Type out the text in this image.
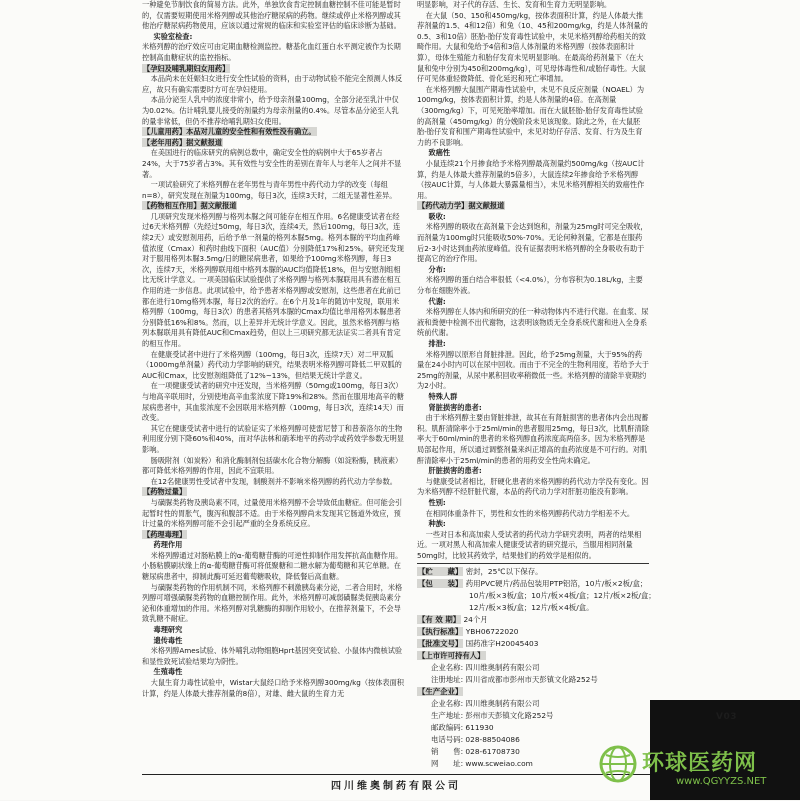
一种避免节制饮食的简易方法。此外，单独饮食肯定控制血糖控制不佳可能是暂时的，仅需要短期使用米格列醇或其他治疗糖尿病的药物。继续或停止米格列醇或其他治疗糖尿病药物使用，应该以通过常规的临床和实验室评估的临床诊断为基础。

实验室检查:

米格列醇的治疗效应可由定期血糖检测监控。糖基化血红蛋白水平测定被作为长期控制高血糖症状的监控指标。

【孕妇及哺乳期妇女用药】

本品尚未在妊娠妇女进行安全性试验的资料，由于动物试验不能完全预测人体反应，故只有确实需要时方可在孕妇使用。

本品分泌至人乳中的浓度非常小，给予母亲剂量100mg，全部分泌至乳汁中仅为0.02%。估计哺乳婴儿接受的剂量约为母亲剂量的0.4%。尽管本品分泌至人乳的量非常低，但仍不推荐给哺乳期妇女使用。

【儿童用药】本品对儿童的安全性和有效性没有确立。

【老年用药】据文献报道

在美国进行的临床研究的病例总数中，确定安全性的病例中大于65岁者占24%，大于75岁者占3%。其有效性与安全性的差别在青年人与老年人之间并不显著。

一项试验研究了米格列醇在老年男性与青年男性中药代动力学的改变（每组n=8），研究发现在剂量为100mg，每日3次，连续3天时，二组无显著性差异。

【药物相互作用】据文献报道

几项研究发现米格列醇与格列本脲之间可能存在相互作用。6名健康受试者在经过6天米格列醇（先经过50mg，每日3次，连续4天，然后100mg，每日3次，连续2天）或安慰剂用药，后给予单一剂量的格列本脲5mg。格列本脲的平均血药峰值浓度（Cmax）和药时曲线下面积（AUC值）分别降低17%和25%。研究还发现对于服用格列本脲3.5mg/日的糖尿病患者，如果给予100mg米格列醇，每日3次，连续7天，米格列醇联用组中格列本脲的AUC均值降低18%，但与安慰剂组相比无统计学意义。一项美国临床试验提供了米格列醇与格列本脲联用具有潜在相互作用的进一步信息。此项试验中，给予患者米格列醇或安慰剂，这些患者在此前已都在进行10mg格列本脲，每日2次的治疗。在6个月及1年的随访中发现，联用米格列醇（100mg，每日3次）的患者其格列本脲的Cmax均值比单用格列本脲患者分别降低16%和8%。然而，以上差异并无统计学意义。因此，虽然米格列醇与格列本脲联用具有降低AUC和Cmax趋势，但以上三项研究都无法证实二者具有肯定的相互作用。

在健康受试者中进行了米格列醇（100mg，每日3次，连续7天）对二甲双胍（1000mg单剂量）药代动力学影响的研究，结果表明米格列醇可降低二甲双胍的AUC和Cmax，比安慰剂组降低了12%~13%，但结果无统计学意义。

在一项健康受试者的研究中还发现，当米格列醇（50mg或100mg，每日3次）与地高辛联用时，分别使地高辛血浆浓度下降19%和28%。然而在服用地高辛的糖尿病患者中，其血浆浓度不会因联用米格列醇（100mg，每日3次，连续14天）而改变。

其它在健康受试者中进行的试验证实了米格列醇可使雷尼替丁和普萘洛尔的生物利用度分别下降60%和40%，而对华法林和硝苯地平的药动学或药效学参数无明显影响。

肠吸附剂（如炭粉）和消化酶制剂包括碳水化合物分解酶（如淀粉酶，胰液素）都可降低米格列醇的作用，因此不宜联用。

在12名健康男性受试者中发现，制酸剂并不影响米格列醇的药代动力学参数。

【药物过量】

与磺脲类药物及胰岛素不同，过量使用米格列醇不会导致低血糖症。但可能会引起暂时性的胃胀气，腹泻和腹部不适。由于米格列醇尚未发现其它肠道外效应，预计过量的米格列醇可能不会引起严重的全身系统反应。

【药理毒理】

药理作用

米格列醇通过对肠粘膜上的α-葡萄糖苷酶的可逆性抑制作用发挥抗高血糖作用。小肠粘膜刷状缘上的α-葡萄糖苷酶可将低聚糖和二糖水解为葡萄糖和其它单糖。在糖尿病患者中，抑制此酶可延迟葡萄糖吸收，降低餐后高血糖。

与磺脲类药物的作用机制不同，米格列醇不刺激胰岛素分泌，二者合用时，米格列醇可增强磺脲类药物的血糖控制作用。此外，米格列醇可减弱磺脲类促胰岛素分泌和体重增加的作用。米格列醇对乳糖酶的抑制作用较小，在推荐剂量下，不会导致乳糖不耐症。

毒理研究

遗传毒性

米格列醇Ames试验、体外哺乳动物细胞Hprt基因突变试验、小鼠体内微核试验和显性致死试验结果均为阴性。

生殖毒性

大鼠生育力毒性试验中，Wistar大鼠经口给予米格列醇300mg/kg（按体表面积计算，约是人体最大推荐剂量的8倍），对雄、雌大鼠的生育力无

明显影响，对子代的存活、生长、发育和生育力无明显影响。

在大鼠（50、150和450mg/kg，按体表面积计算，约是人体最大推荐剂量的1.5、4和12倍）和兔（10、45和200mg/kg，约是人体剂量的0.5、3和10倍）胚胎-胎仔发育毒性试验中，未见米格列醇给药相关的致畸作用。大鼠和兔给予4倍和3倍人体剂量的米格列醇（按体表面积计算），母体生殖能力和胎仔发育未见明显影响。在最高给药剂量下（在大鼠和兔中分别为450和200mg/kg），可见母体毒性和/或胎仔毒性。大鼠仔可见体重轻微降低、骨化延迟和死亡率增加。

在米格列醇大鼠围产期毒性试验中，未见不良反应剂量（NOAEL）为100mg/kg，按体表面积计算，约是人体剂量的4倍。在高剂量（300mg/kg）下，可见死胎率增加。而在大鼠胚胎-胎仔发育毒性试验的高剂量（450mg/kg）的分娩阶段未见该现象。除此之外，在大鼠胚胎-胎仔发育和围产期毒性试验中，未见对幼仔存活、发育、行为及生育力的不良影响。

致癌性

小鼠连续21个月掺食给予米格列醇最高剂量约500mg/kg（按AUC计算，约是人体最大推荐剂量的5倍多），大鼠连续2年掺食给予米格列醇（按AUC计算，与人体最大暴露量相当），未见米格列醇相关的致癌性作用。

【药代动力学】据文献报道

吸收:

米格列醇的吸收在高剂量下会达到饱和，剂量为25mg时可完全吸收，而剂量为100mg时只能吸收50%-70%。无论何种剂量，它都是在服药后2-3小时达到血药浓度峰值。没有证据表明米格列醇的全身吸收有助于提高它的治疗作用。

分布:

米格列醇的蛋白结合率很低（<4.0%），分布容积为0.18L/kg，主要分布在细胞外液。

代谢:

米格列醇在人体内和所研究的任一种动物体内不进行代谢。在血浆、尿液和粪便中检测不出代谢物，这表明该物质无全身系统代谢和进入全身系统前代谢。

排泄:

米格列醇以原形自肾脏排泄。因此，给予25mg剂量，大于95%的药量在24小时内可以在尿中回收。而由于不完全的生物利用度，若给予大于25mg的剂量，从尿中累积回收率稍微低一些。米格列醇的清除半衰期约为2小时。

特殊人群

肾脏损害的患者:

由于米格列醇主要由肾脏排泄，故其在有肾脏损害的患者体内会出现蓄积。肌酐清除率小于25ml/min的患者服用25mg，每日3次，比肌酐清除率大于60ml/min的患者的米格列醇血药浓度高两倍多。因为米格列醇是局部起作用，所以通过调整剂量来纠正增高的血药浓度是不可行的。对肌酐清除率小于25ml/min的患者的用药安全性尚未确定。

肝脏损害的患者:

与健康受试者相比，肝硬化患者的米格列醇的药代动力学没有变化。因为米格列醇不经肝脏代谢，本品的药代动力学对肝脏功能没有影响。

性别:

在相同体重条件下，男性和女性的米格列醇药代动力学相差不大。

种族:

一些对日本和高加索人受试者的药代动力学研究表明，两者的结果相近。一项对黑人和高加索人健康受试者的研究提示，当服用相同剂量50mg时，比较其药效学，结果他们的药效学是相似的。

【贮　　藏】 密封，25℃以下保存。
【包　　装】 药用PVC硬片/药品包装用PTP铝箔，10片/板×2板/盒；
10片/板×3板/盒；10片/板×4板/盒；12片/板×2板/盒；
12片/板×3板/盒；12片/板×4板/盒。
【有 效 期】 24个月
【执行标准】 YBH06722020
【批准文号】 国药准字H20045403
【上市许可持有人】
企业名称: 四川维奥制药有限公司
注册地址: 四川省成都市彭州市天彭镇文化路252号
【生产企业】
企业名称: 四川维奥制药有限公司
生产地址: 彭州市天彭镇文化路252号
邮政编码: 611930
电话号码: 028-88504086
销　　售: 028-61708730
网　　址: www.scweiao.com
V03
四川维奥制药有限公司
环球医药网
www.QGYYZS.NET
